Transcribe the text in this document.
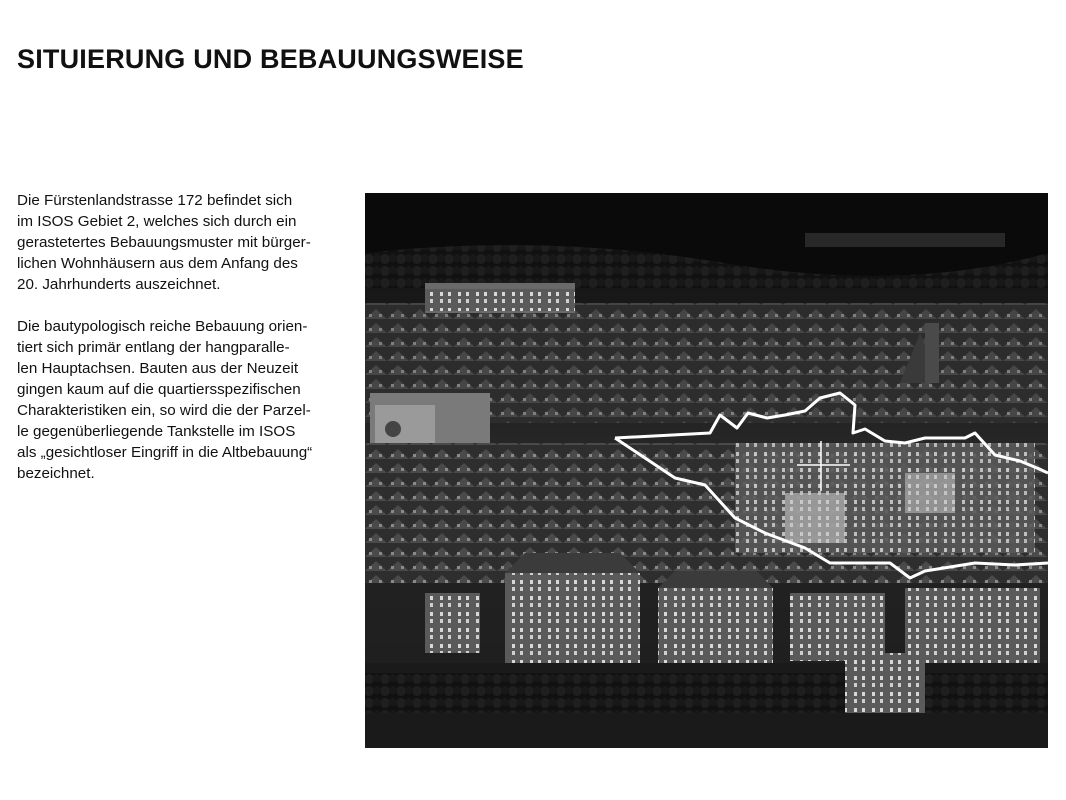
SITUIERUNG UND BEBAUUNGSWEISE

Die Fürstenlandstrasse 172 befindet sich
im ISOS Gebiet 2, welches sich durch ein
gerastetertes Bebauungsmuster mit bürger-
lichen Wohnhäusern aus dem Anfang des
20. Jahrhunderts auszeichnet.

Die bautypologisch reiche Bebauung orien-
tiert sich primär entlang der hangparalle-
len Hauptachsen. Bauten aus der Neuzeit
gingen kaum auf die quartiersspezifischen
Charakteristiken ein, so wird die der Parzel-
le gegenüberliegende Tankstelle im ISOS
als „gesichtloser Eingriff in die Altbebauung“
bezeichnet.
